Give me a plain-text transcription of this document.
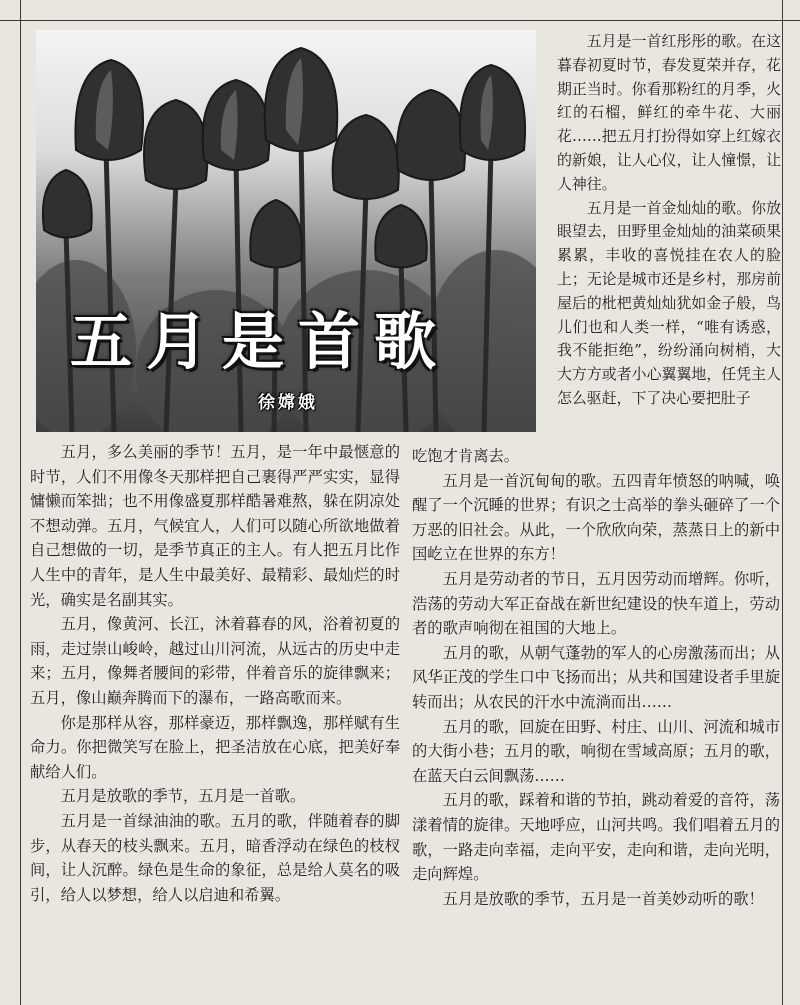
五月是首歌
徐嫦娥

五月是一首红彤彤的歌。在这暮春初夏时节，春发夏荣并存，花期正当时。你看那粉红的月季，火红的石榴，鲜红的牵牛花、大丽花……把五月打扮得如穿上红嫁衣的新娘，让人心仪，让人憧憬，让人神往。

五月是一首金灿灿的歌。你放眼望去，田野里金灿灿的油菜硕果累累，丰收的喜悦挂在农人的脸上；无论是城市还是乡村，那房前屋后的枇杷黄灿灿犹如金子般，鸟儿们也和人类一样，“唯有诱惑，我不能拒绝”，纷纷涌向树梢，大大方方或者小心翼翼地，任凭主人怎么驱赶，下了决心要把肚子

五月，多么美丽的季节！五月，是一年中最惬意的时节，人们不用像冬天那样把自己裹得严严实实，显得慵懒而笨拙；也不用像盛夏那样酷暑难熬，躲在阴凉处不想动弹。五月，气候宜人，人们可以随心所欲地做着自己想做的一切，是季节真正的主人。有人把五月比作人生中的青年，是人生中最美好、最精彩、最灿烂的时光，确实是名副其实。

五月，像黄河、长江，沐着暮春的风，浴着初夏的雨，走过崇山峻岭，越过山川河流，从远古的历史中走来；五月，像舞者腰间的彩带，伴着音乐的旋律飘来；五月，像山巅奔腾而下的瀑布，一路高歌而来。

你是那样从容，那样豪迈，那样飘逸，那样赋有生命力。你把微笑写在脸上，把圣洁放在心底，把美好奉献给人们。

五月是放歌的季节，五月是一首歌。

五月是一首绿油油的歌。五月的歌，伴随着春的脚步，从春天的枝头飘来。五月，暗香浮动在绿色的枝杈间，让人沉醉。绿色是生命的象征，总是给人莫名的吸引，给人以梦想，给人以启迪和希翼。

吃饱才肯离去。

五月是一首沉甸甸的歌。五四青年愤怒的呐喊，唤醒了一个沉睡的世界；有识之士高举的拳头砸碎了一个万恶的旧社会。从此，一个欣欣向荣，蒸蒸日上的新中国屹立在世界的东方！

五月是劳动者的节日，五月因劳动而增辉。你听，浩荡的劳动大军正奋战在新世纪建设的快车道上，劳动者的歌声响彻在祖国的大地上。

五月的歌，从朝气蓬勃的军人的心房激荡而出；从风华正茂的学生口中飞扬而出；从共和国建设者手里旋转而出；从农民的汗水中流淌而出……

五月的歌，回旋在田野、村庄、山川、河流和城市的大街小巷；五月的歌，响彻在雪域高原；五月的歌，在蓝天白云间飘荡……

五月的歌，踩着和谐的节拍，跳动着爱的音符，荡漾着情的旋律。天地呼应，山河共鸣。我们唱着五月的歌，一路走向幸福，走向平安，走向和谐，走向光明，走向辉煌。

五月是放歌的季节，五月是一首美妙动听的歌！
